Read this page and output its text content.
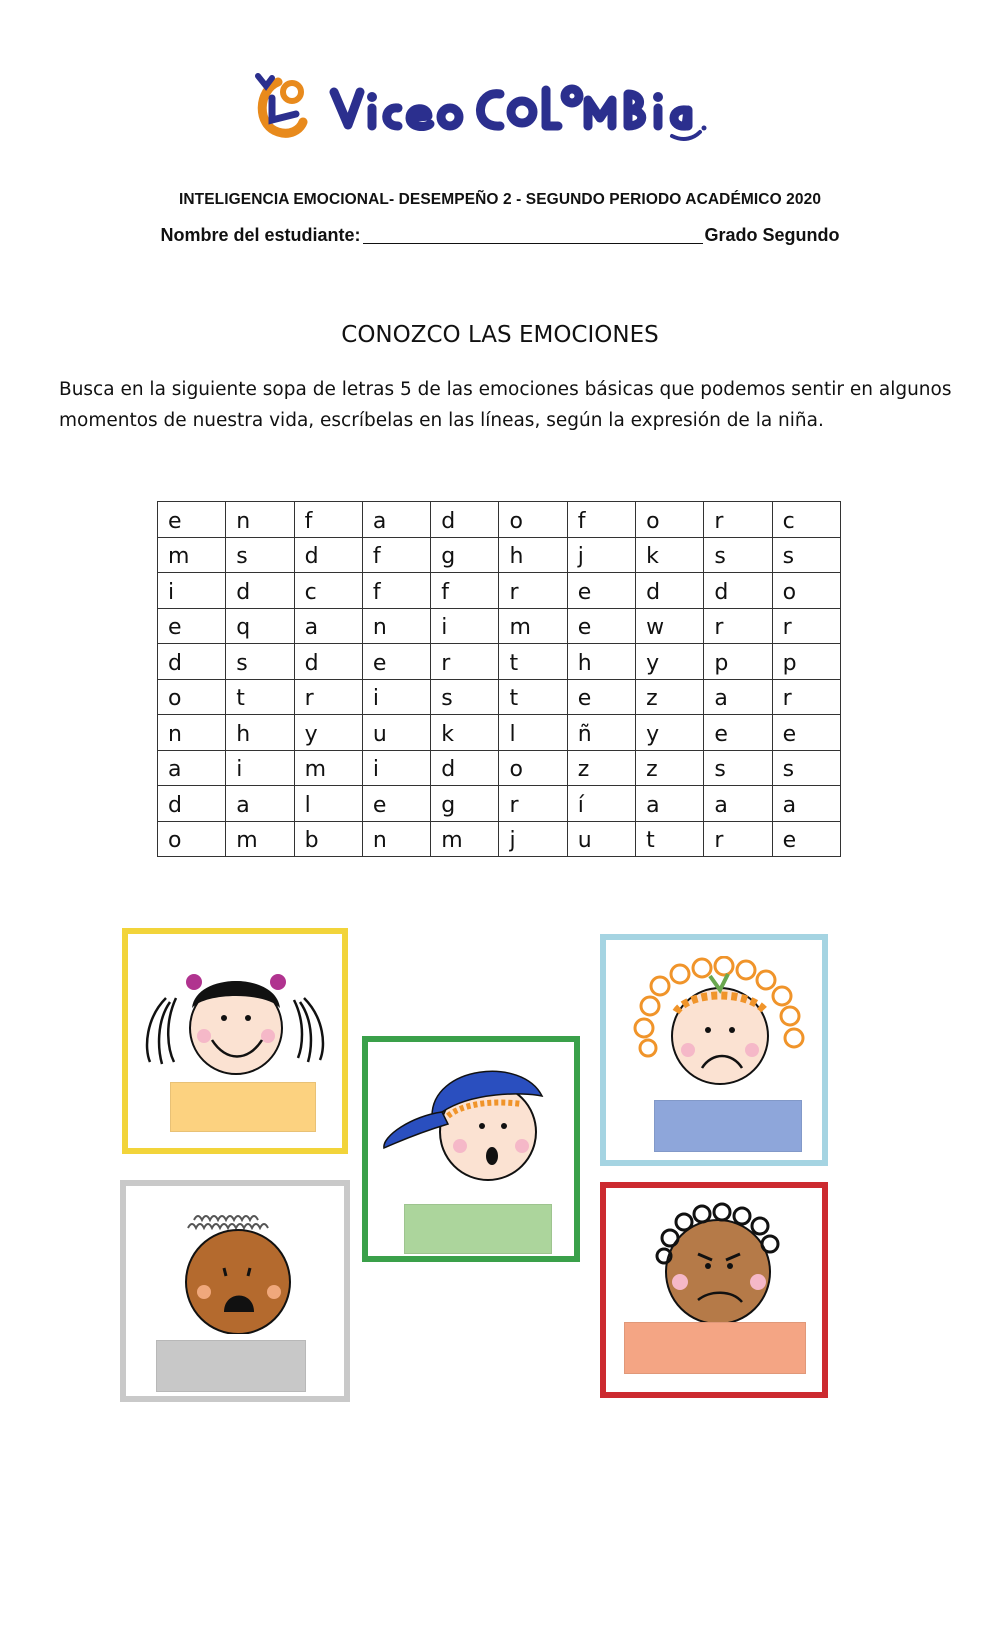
INTELIGENCIA EMOCIONAL- DESEMPEÑO 2 - SEGUNDO PERIODO ACADÉMICO 2020
Nombre del estudiante:	Grado Segundo
CONOZCO LAS EMOCIONES
Busca en la siguiente sopa de letras 5 de las emociones básicas que podemos sentir en algunos momentos de nuestra vida, escríbelas en las líneas, según la expresión de la niña.
e	n	f	a	d	o	f	o	r	c
m	s	d	f	g	h	j	k	s	s
i	d	c	f	f	r	e	d	d	o
e	q	a	n	i	m	e	w	r	r
d	s	d	e	r	t	h	y	p	p
o	t	r	i	s	t	e	z	a	r
n	h	y	u	k	l	ñ	y	e	e
a	i	m	i	d	o	z	z	s	s
d	a	l	e	g	r	í	a	a	a
o	m	b	n	m	j	u	t	r	e
